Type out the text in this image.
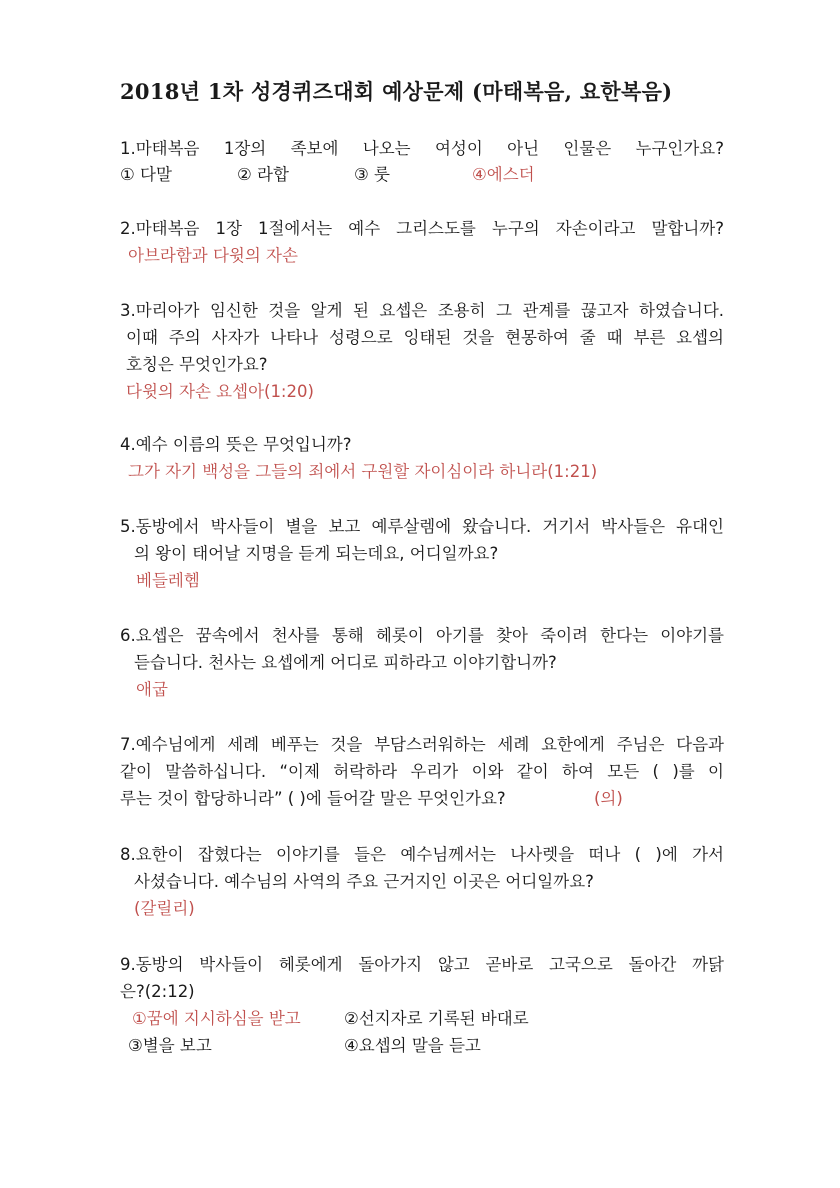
2018년 1차 성경퀴즈대회 예상문제 (마태복음, 요한복음)
1.마태복음 1장의 족보에 나오는 여성이 아닌 인물은 누구인가요?
① 다말	② 라합	③ 룻	④에스더
2.마태복음 1장 1절에서는 예수 그리스도를 누구의 자손이라고 말합니까?
아브라함과 다윗의 자손
3.마리아가 임신한 것을 알게 된 요셉은 조용히 그 관계를 끊고자 하였습니다.
이때 주의 사자가 나타나 성령으로 잉태된 것을 현몽하여 줄 때 부른 요셉의
호칭은 무엇인가요?
다윗의 자손 요셉아(1:20)
4.예수 이름의 뜻은 무엇입니까?
그가 자기 백성을 그들의 죄에서 구원할 자이심이라 하니라(1:21)
5.동방에서 박사들이 별을 보고 예루살렘에 왔습니다. 거기서 박사들은 유대인
의 왕이 태어날 지명을 듣게 되는데요, 어디일까요?
베들레헴
6.요셉은 꿈속에서 천사를 통해 헤롯이 아기를 찾아 죽이려 한다는 이야기를
듣습니다. 천사는 요셉에게 어디로 피하라고 이야기합니까?
애굽
7.예수님에게 세례 베푸는 것을 부담스러워하는 세례 요한에게 주님은 다음과
같이 말씀하십니다. “이제 허락하라 우리가 이와 같이 하여 모든 ( )를 이
루는 것이 합당하니라” ( )에 들어갈 말은 무엇인가요?	(의)
8.요한이 잡혔다는 이야기를 들은 예수님께서는 나사렛을 떠나 ( )에 가서
사셨습니다. 예수님의 사역의 주요 근거지인 이곳은 어디일까요?
(갈릴리)
9.동방의 박사들이 헤롯에게 돌아가지 않고 곧바로 고국으로 돌아간 까닭
은?(2:12)
①꿈에 지시하심을 받고	②선지자로 기록된 바대로
③별을 보고	④요셉의 말을 듣고
